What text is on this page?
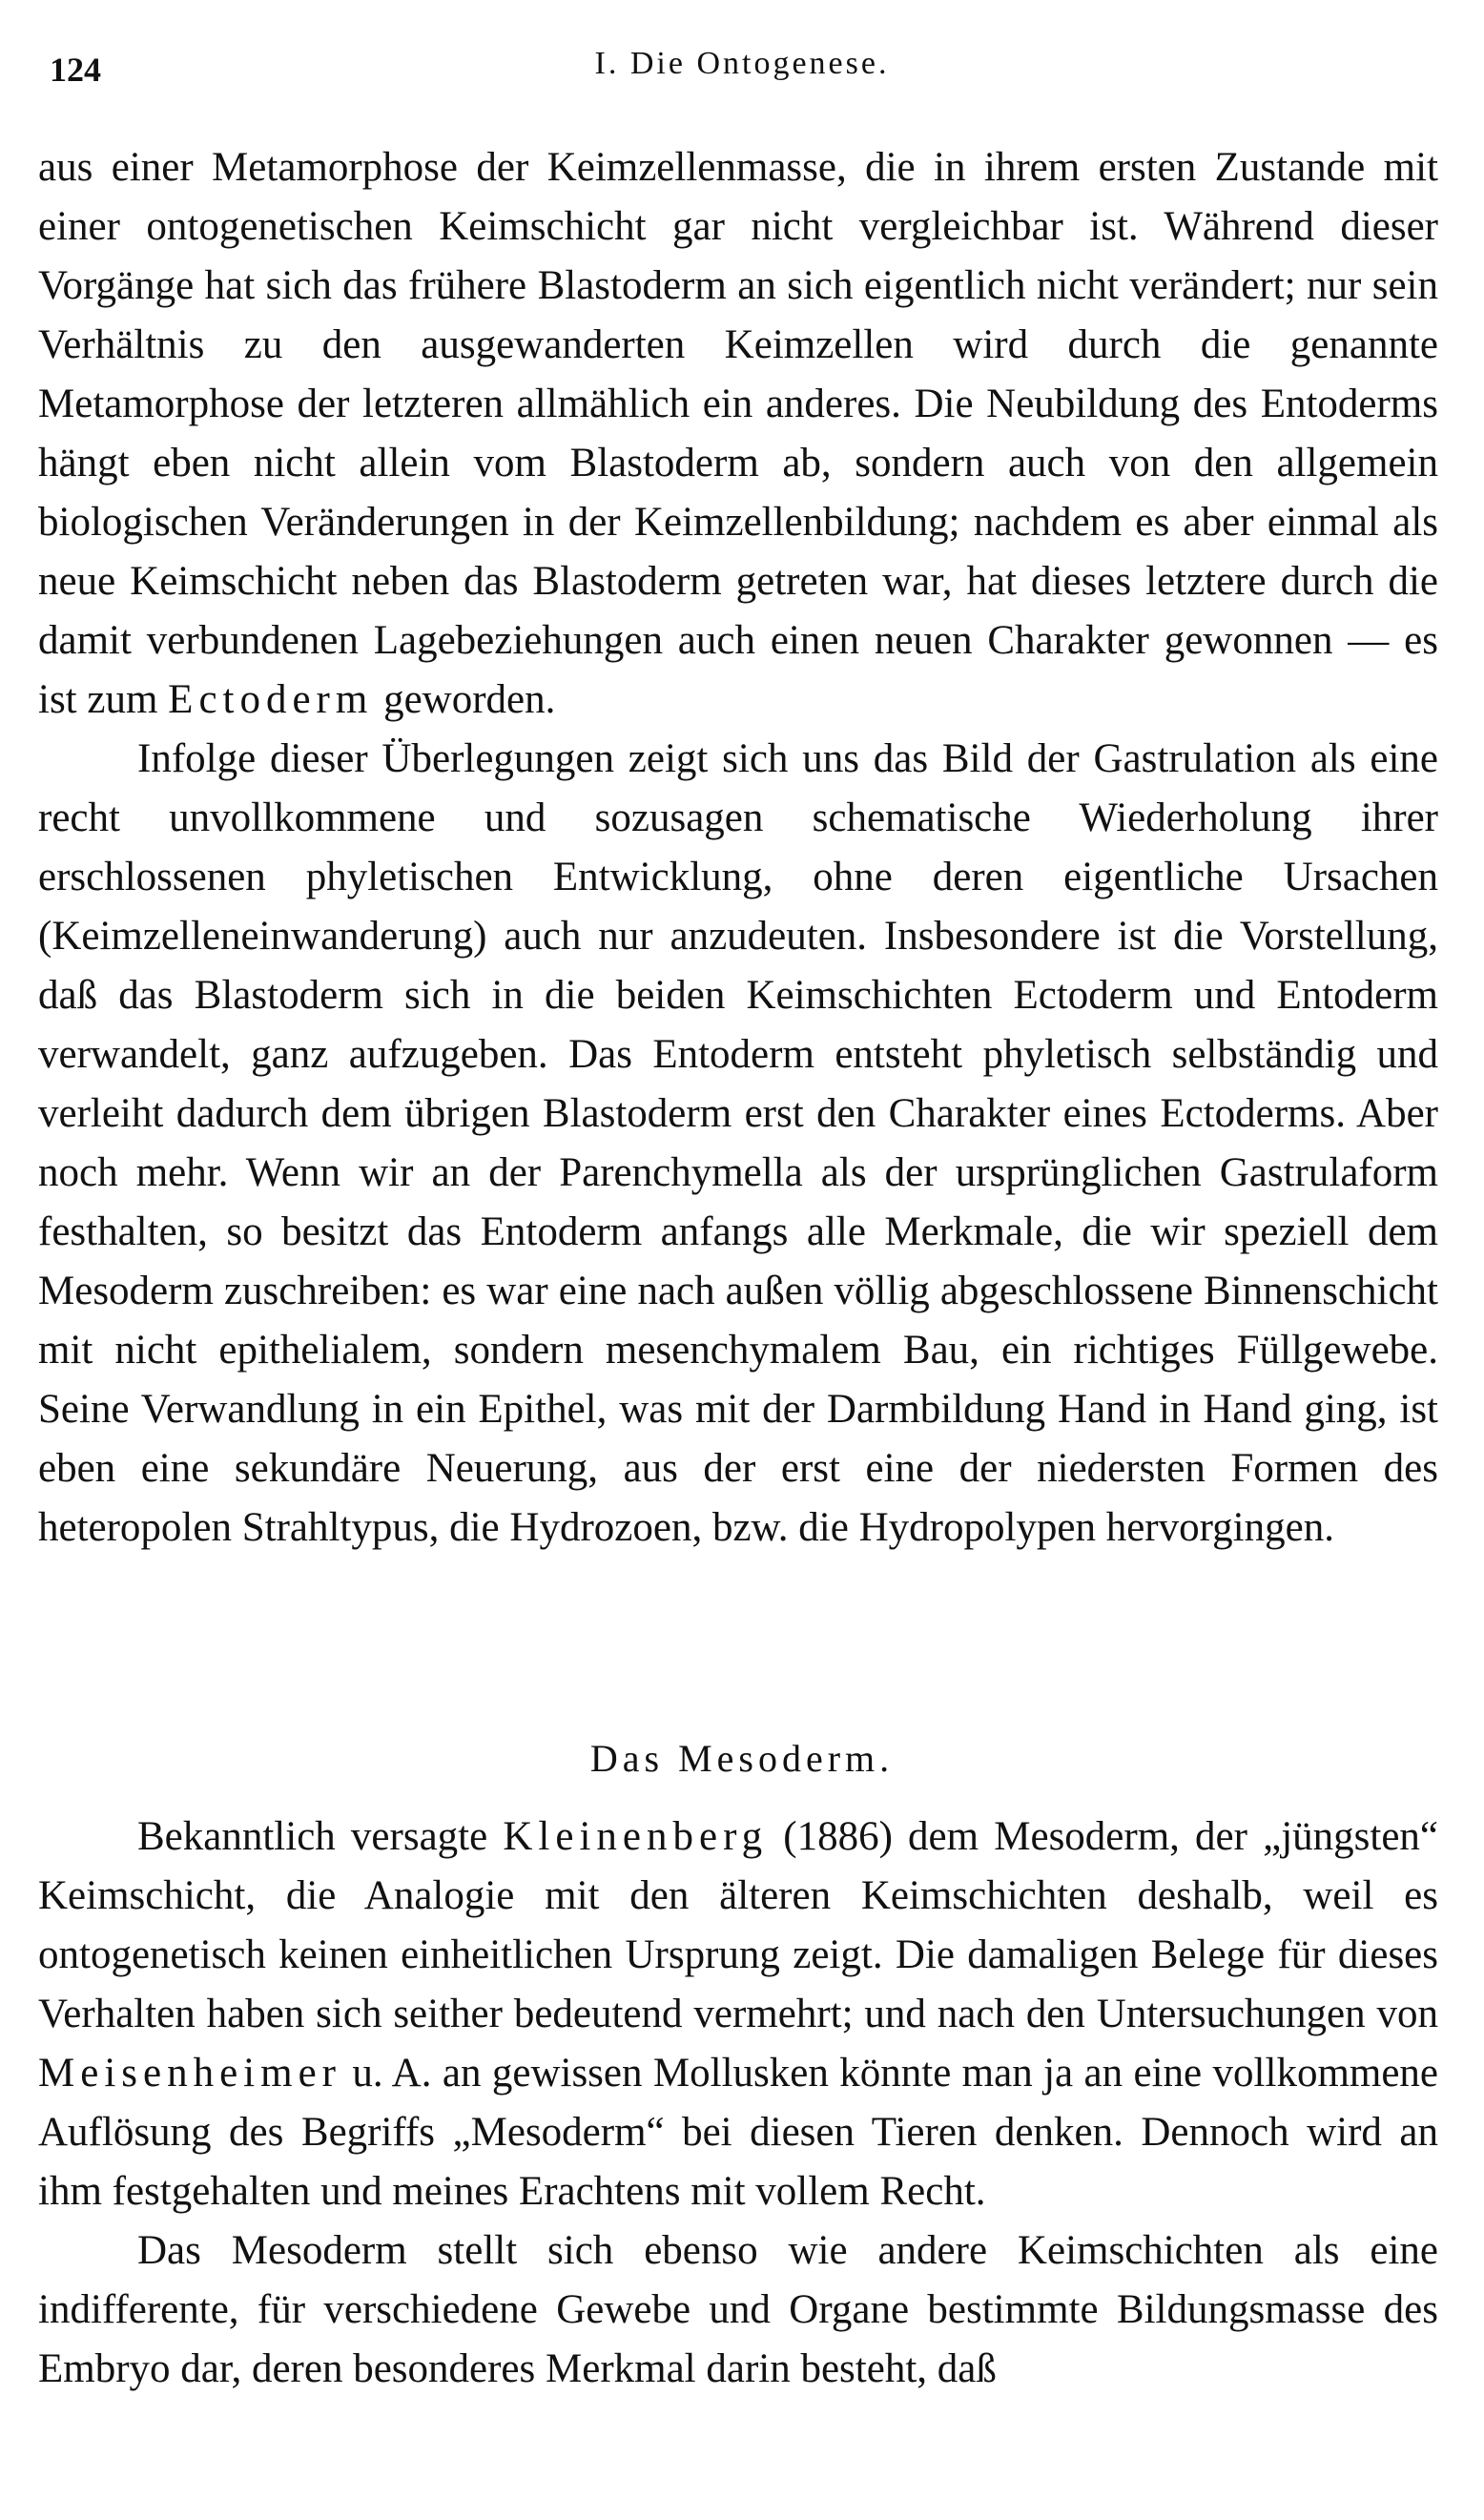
124	I. Die Ontogenese.

aus einer Metamorphose der Keimzellenmasse, die in ihrem ersten Zustande mit einer ontogenetischen Keimschicht gar nicht vergleichbar ist. Während dieser Vorgänge hat sich das frühere Blastoderm an sich eigentlich nicht verändert; nur sein Verhältnis zu den ausgewanderten Keimzellen wird durch die genannte Metamorphose der letzteren allmählich ein anderes. Die Neubildung des Entoderms hängt eben nicht allein vom Blastoderm ab, sondern auch von den allgemein biologischen Veränderungen in der Keimzellenbildung; nachdem es aber einmal als neue Keimschicht neben das Blastoderm getreten war, hat dieses letztere durch die damit verbundenen Lagebeziehungen auch einen neuen Charakter gewonnen — es ist zum Ectoderm geworden.

Infolge dieser Überlegungen zeigt sich uns das Bild der Gastrulation als eine recht unvollkommene und sozusagen schematische Wiederholung ihrer erschlossenen phyletischen Entwicklung, ohne deren eigentliche Ursachen (Keimzelleneinwanderung) auch nur anzudeuten. Insbesondere ist die Vorstellung, daß das Blastoderm sich in die beiden Keimschichten Ectoderm und Entoderm verwandelt, ganz aufzugeben. Das Entoderm entsteht phyletisch selbständig und verleiht dadurch dem übrigen Blastoderm erst den Charakter eines Ectoderms. Aber noch mehr. Wenn wir an der Parenchymella als der ursprünglichen Gastrulaform festhalten, so besitzt das Entoderm anfangs alle Merkmale, die wir speziell dem Mesoderm zuschreiben: es war eine nach außen völlig abgeschlossene Binnenschicht mit nicht epithelialem, sondern mesenchymalem Bau, ein richtiges Füllgewebe. Seine Verwandlung in ein Epithel, was mit der Darmbildung Hand in Hand ging, ist eben eine sekundäre Neuerung, aus der erst eine der niedersten Formen des heteropolen Strahltypus, die Hydrozoen, bzw. die Hydropolypen hervorgingen.

Das Mesoderm.

Bekanntlich versagte Kleinenberg (1886) dem Mesoderm, der „jüngsten“ Keimschicht, die Analogie mit den älteren Keimschichten deshalb, weil es ontogenetisch keinen einheitlichen Ursprung zeigt. Die damaligen Belege für dieses Verhalten haben sich seither bedeutend vermehrt; und nach den Untersuchungen von Meisenheimer u. A. an gewissen Mollusken könnte man ja an eine vollkommene Auflösung des Begriffs „Mesoderm“ bei diesen Tieren denken. Dennoch wird an ihm festgehalten und meines Erachtens mit vollem Recht.

Das Mesoderm stellt sich ebenso wie andere Keimschichten als eine indifferente, für verschiedene Gewebe und Organe bestimmte Bildungsmasse des Embryo dar, deren besonderes Merkmal darin besteht, daß
